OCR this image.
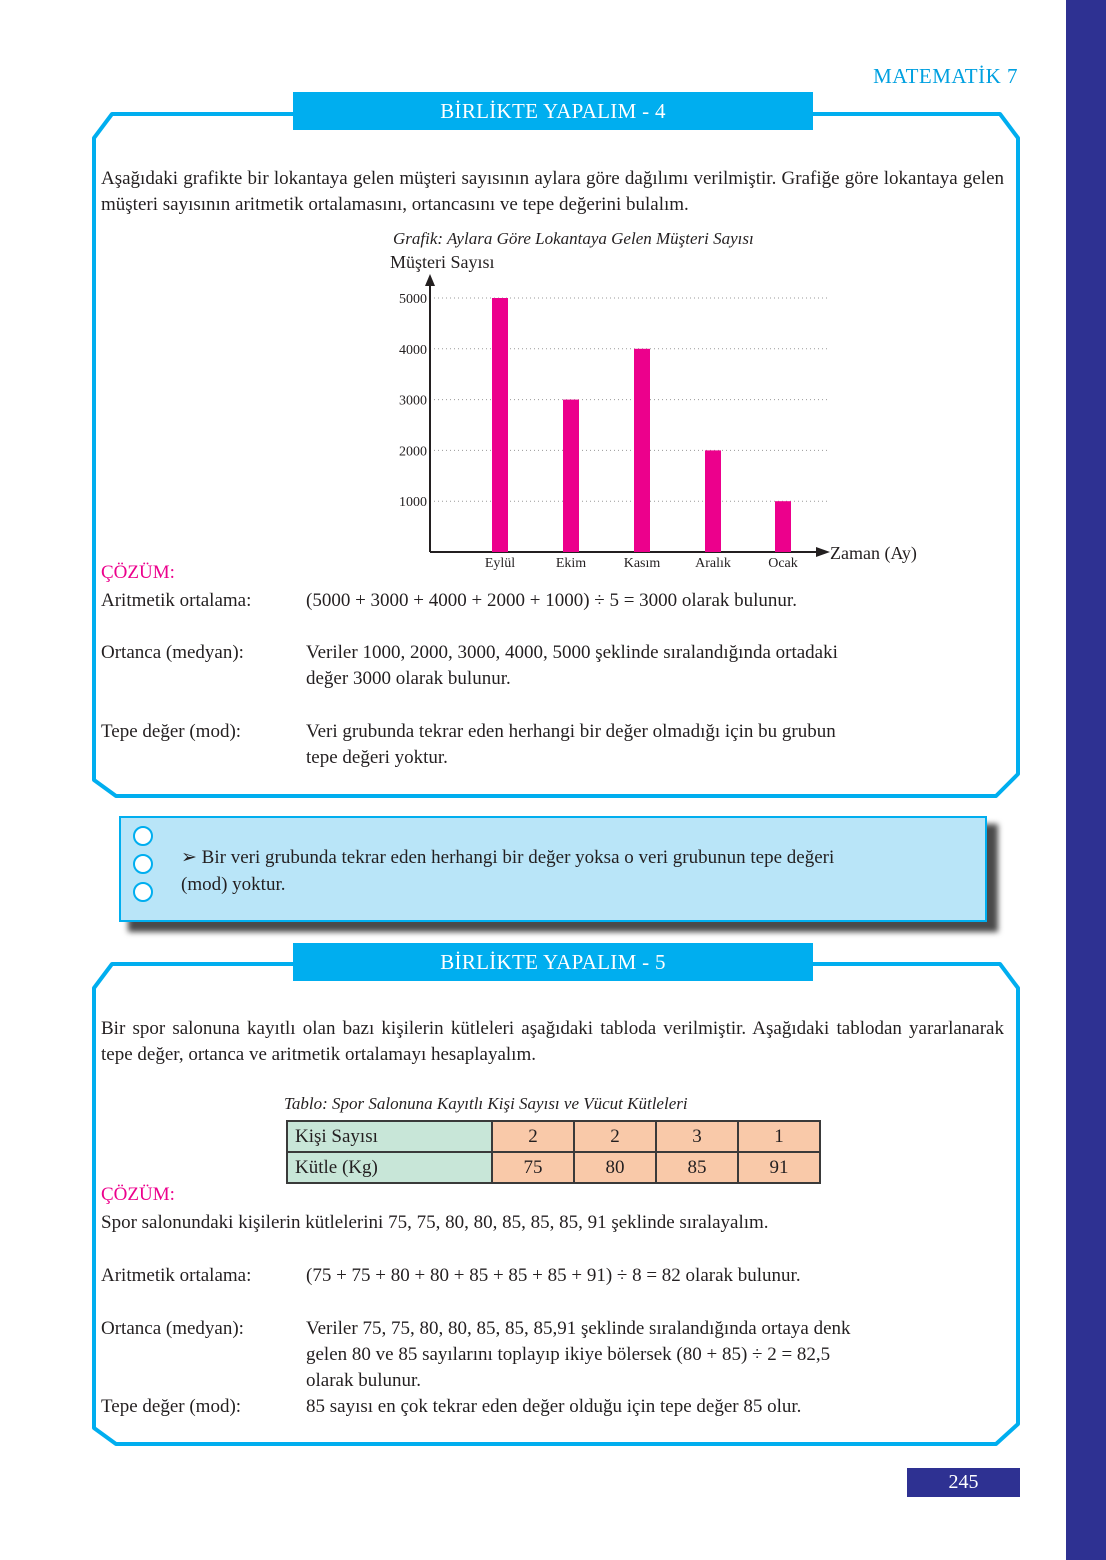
MATEMATİK 7
BİRLİKTE YAPALIM - 4
Aşağıdaki grafikte bir lokantaya gelen müşteri sayısının aylara göre dağılımı verilmiştir. Grafiğe göre lokantaya gelen müşteri sayısının aritmetik ortalamasını, ortancasını ve tepe değerini bulalım.
Grafik: Aylara Göre Lokantaya Gelen Müşteri Sayısı
Müşteri Sayısı
1000
2000
3000
4000
5000
Eylül	Ekim	Kasım Aralık	Ocak
Zaman (Ay)
ÇÖZÜM:
Aritmetik ortalama:	(5000 + 3000 + 4000 + 2000 + 1000) ÷ 5 = 3000 olarak bulunur.
Ortanca (medyan):	Veriler 1000, 2000, 3000, 4000, 5000 şeklinde sıralandığında ortadaki
değer 3000 olarak bulunur.
Tepe değer (mod):	Veri grubunda tekrar eden herhangi bir değer olmadığı için bu grubun
tepe değeri yoktur.
➢ Bir veri grubunda tekrar eden herhangi bir değer yoksa o veri grubunun tepe değeri
(mod) yoktur.
BİRLİKTE YAPALIM - 5
Bir spor salonuna kayıtlı olan bazı kişilerin kütleleri aşağıdaki tabloda verilmiştir. Aşağıdaki tablodan yararlanarak tepe değer, ortanca ve aritmetik ortalamayı hesaplayalım.
Tablo: Spor Salonuna Kayıtlı Kişi Sayısı ve Vücut Kütleleri
Kişi Sayısı	2	2	3	1
Kütle (Kg)	75	80	85	91
ÇÖZÜM:
Spor salonundaki kişilerin kütlelerini 75, 75, 80, 80, 85, 85, 85, 91 şeklinde sıralayalım.
Aritmetik ortalama:	(75 + 75 + 80 + 80 + 85 + 85 + 85 + 91) ÷ 8 = 82 olarak bulunur.
Ortanca (medyan):	Veriler 75, 75, 80, 80, 85, 85, 85,91 şeklinde sıralandığında ortaya denk
gelen 80 ve 85 sayılarını toplayıp ikiye bölersek (80 + 85) ÷ 2 = 82,5
olarak bulunur.
Tepe değer (mod):	85 sayısı en çok tekrar eden değer olduğu için tepe değer 85 olur.
245
